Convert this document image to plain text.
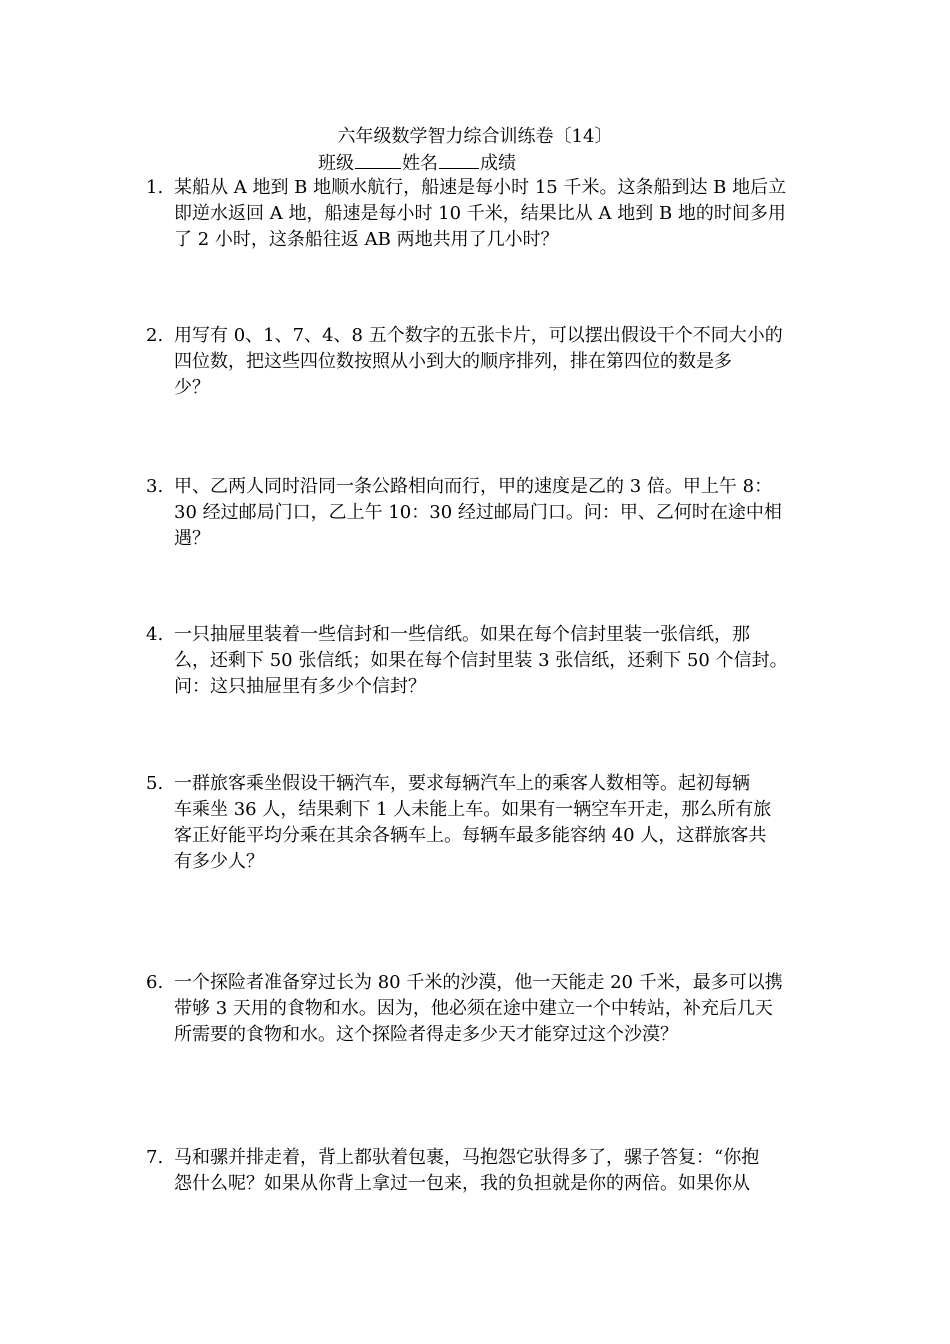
六年级数学智力综合训练卷〔14〕
班级	姓名 成绩
1. 某船从 A 地到 B 地顺水航行，船速是每小时 15 千米。这条船到达 B 地后立
即逆水返回 A 地，船速是每小时 10 千米，结果比从 A 地到 B 地的时间多用
了 2 小时，这条船往返 AB 两地共用了几小时？
2. 用写有 0、1、7、4、8 五个数字的五张卡片，可以摆出假设干个不同大小的
四位数，把这些四位数按照从小到大的顺序排列，排在第四位的数是多
少？
3. 甲、乙两人同时沿同一条公路相向而行，甲的速度是乙的 3 倍。甲上午 8：
30 经过邮局门口，乙上午 10：30 经过邮局门口。问：甲、乙何时在途中相
遇？
4. 一只抽屉里装着一些信封和一些信纸。如果在每个信封里装一张信纸，那
么，还剩下 50 张信纸；如果在每个信封里装 3 张信纸，还剩下 50 个信封。
问：这只抽屉里有多少个信封？
5. 一群旅客乘坐假设干辆汽车，要求每辆汽车上的乘客人数相等。起初每辆
车乘坐 36 人，结果剩下 1 人未能上车。如果有一辆空车开走，那么所有旅
客正好能平均分乘在其余各辆车上。每辆车最多能容纳 40 人，这群旅客共
有多少人？
6. 一个探险者准备穿过长为 80 千米的沙漠，他一天能走 20 千米，最多可以携
带够 3 天用的食物和水。因为，他必须在途中建立一个中转站，补充后几天
所需要的食物和水。这个探险者得走多少天才能穿过这个沙漠？
7. 马和骡并排走着，背上都驮着包裹，马抱怨它驮得多了，骡子答复：“你抱
怨什么呢？如果从你背上拿过一包来，我的负担就是你的两倍。如果你从
